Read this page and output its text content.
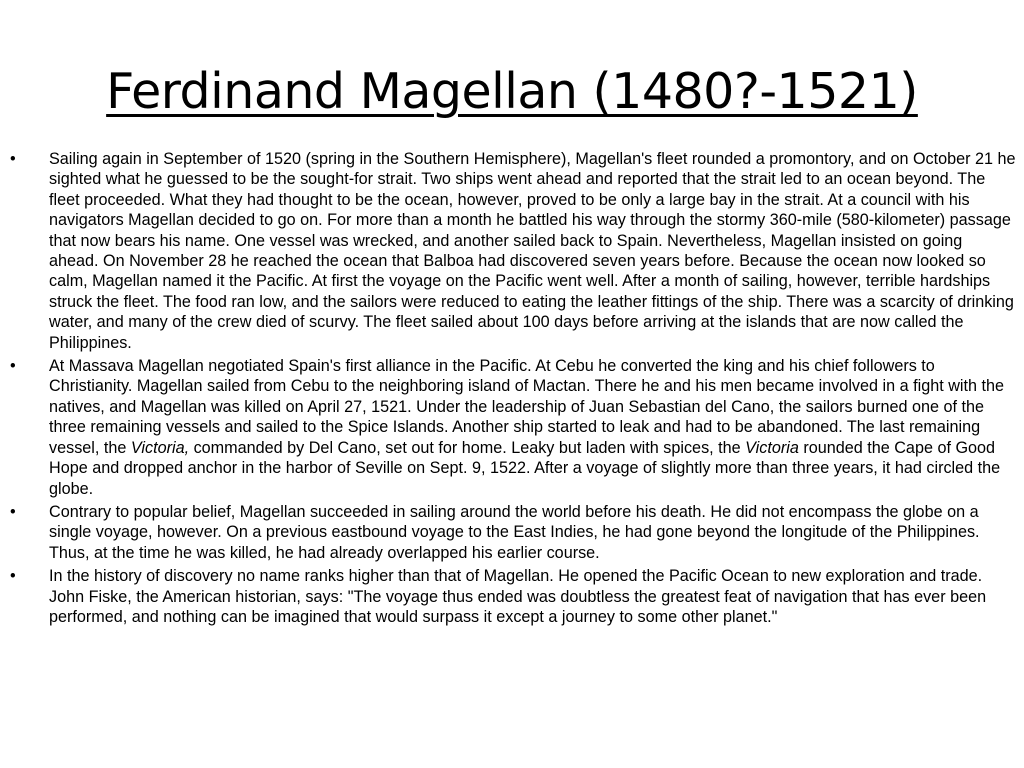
Ferdinand Magellan (1480?-1521)
• Sailing again in September of 1520 (spring in the Southern Hemisphere), Magellan's fleet rounded a promontory, and on October 21 he sighted what he guessed to be the sought-for strait. Two ships went ahead and reported that the strait led to an ocean beyond. The fleet proceeded. What they had thought to be the ocean, however, proved to be only a large bay in the strait. At a council with his navigators Magellan decided to go on. For more than a month he battled his way through the stormy 360-mile (580-kilometer) passage that now bears his name. One vessel was wrecked, and another sailed back to Spain. Nevertheless, Magellan insisted on going ahead. On November 28 he reached the ocean that Balboa had discovered seven years before. Because the ocean now looked so calm, Magellan named it the Pacific. At first the voyage on the Pacific went well. After a month of sailing, however, terrible hardships struck the fleet. The food ran low, and the sailors were reduced to eating the leather fittings of the ship. There was a scarcity of drinking water, and many of the crew died of scurvy. The fleet sailed about 100 days before arriving at the islands that are now called the Philippines.
• At Massava Magellan negotiated Spain's first alliance in the Pacific. At Cebu he converted the king and his chief followers to Christianity. Magellan sailed from Cebu to the neighboring island of Mactan. There he and his men became involved in a fight with the natives, and Magellan was killed on April 27, 1521. Under the leadership of Juan Sebastian del Cano, the sailors burned one of the three remaining vessels and sailed to the Spice Islands. Another ship started to leak and had to be abandoned. The last remaining vessel, the Victoria, commanded by Del Cano, set out for home. Leaky but laden with spices, the Victoria rounded the Cape of Good Hope and dropped anchor in the harbor of Seville on Sept. 9, 1522. After a voyage of slightly more than three years, it had circled the globe.
• Contrary to popular belief, Magellan succeeded in sailing around the world before his death. He did not encompass the globe on a single voyage, however. On a previous eastbound voyage to the East Indies, he had gone beyond the longitude of the Philippines. Thus, at the time he was killed, he had already overlapped his earlier course.
• In the history of discovery no name ranks higher than that of Magellan. He opened the Pacific Ocean to new exploration and trade. John Fiske, the American historian, says: "The voyage thus ended was doubtless the greatest feat of navigation that has ever been performed, and nothing can be imagined that would surpass it except a journey to some other planet."
